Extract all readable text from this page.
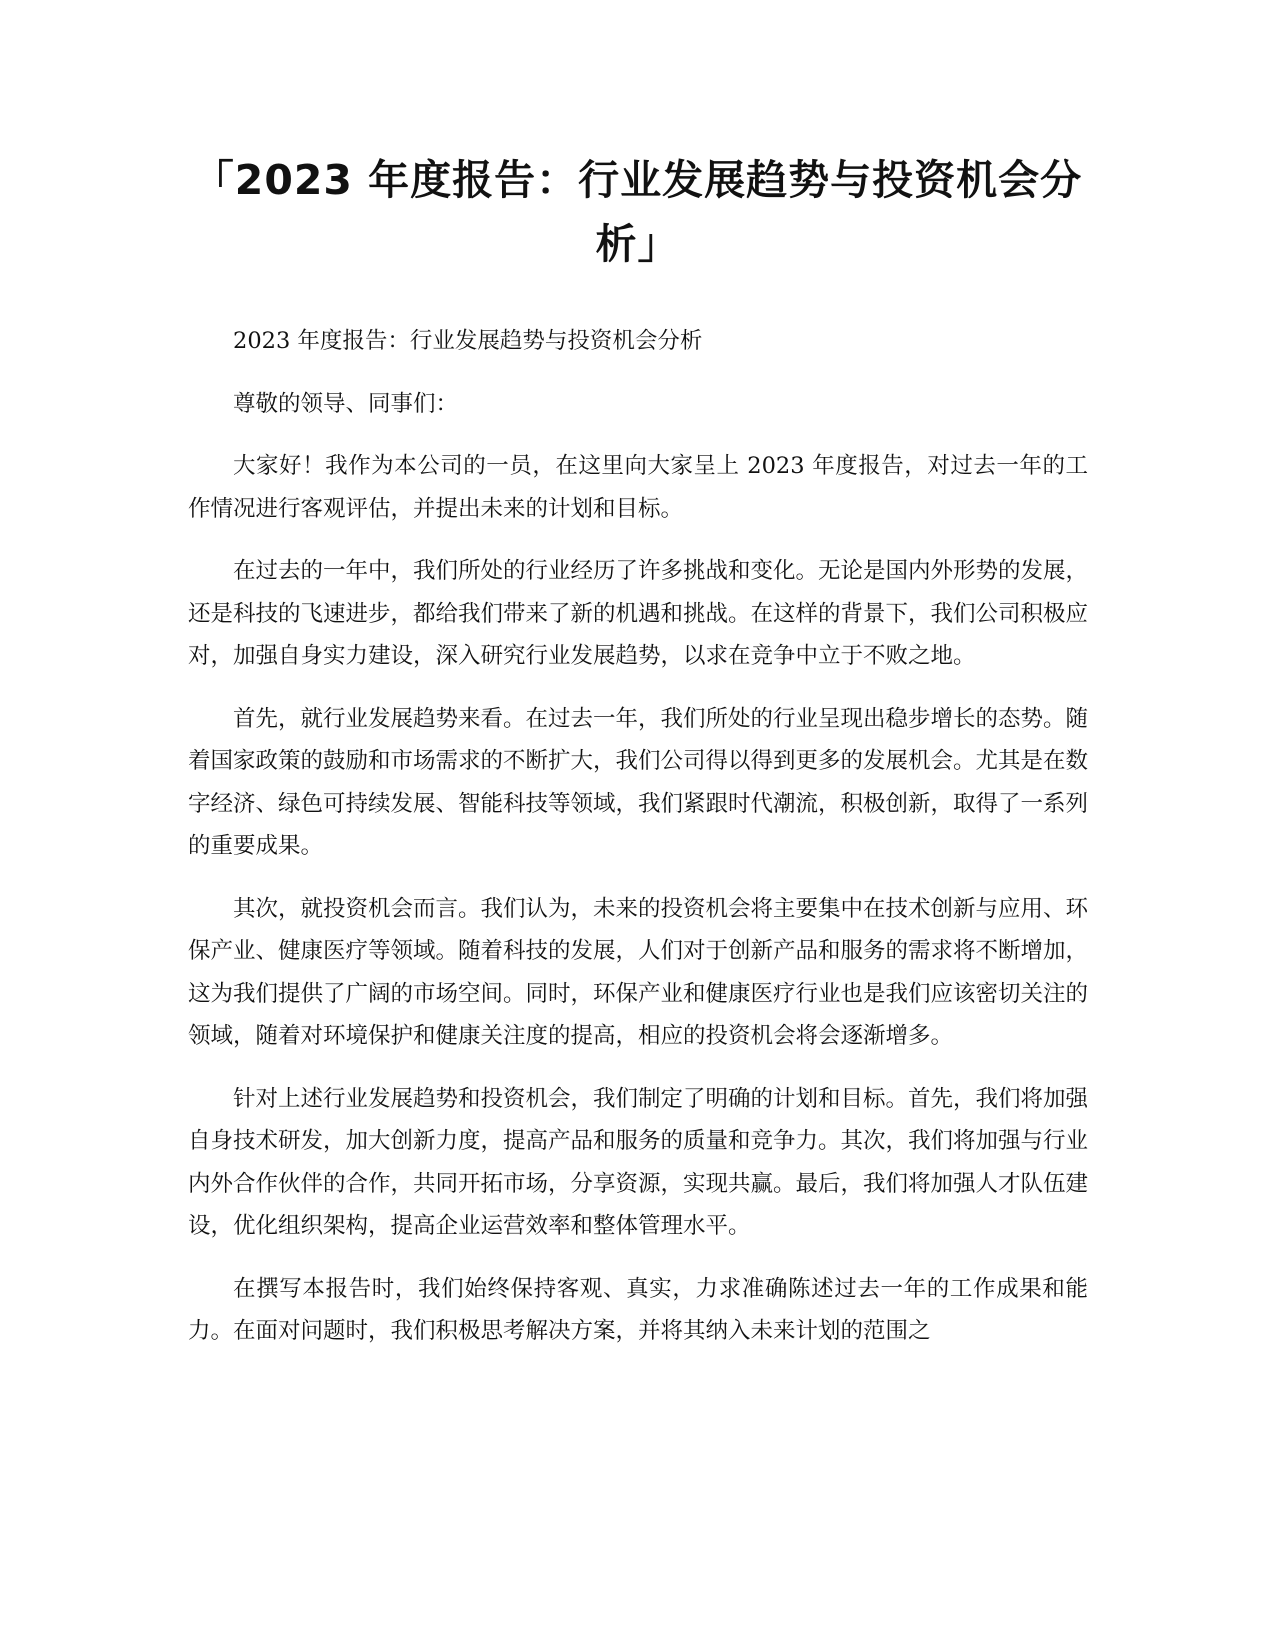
「2023 年度报告：行业发展趋势与投资机会分析」

2023 年度报告：行业发展趋势与投资机会分析

尊敬的领导、同事们：

大家好！我作为本公司的一员，在这里向大家呈上 2023 年度报告，对过去一年的工作情况进行客观评估，并提出未来的计划和目标。

在过去的一年中，我们所处的行业经历了许多挑战和变化。无论是国内外形势的发展，还是科技的飞速进步，都给我们带来了新的机遇和挑战。在这样的背景下，我们公司积极应对，加强自身实力建设，深入研究行业发展趋势，以求在竞争中立于不败之地。

首先，就行业发展趋势来看。在过去一年，我们所处的行业呈现出稳步增长的态势。随着国家政策的鼓励和市场需求的不断扩大，我们公司得以得到更多的发展机会。尤其是在数字经济、绿色可持续发展、智能科技等领域，我们紧跟时代潮流，积极创新，取得了一系列的重要成果。

其次，就投资机会而言。我们认为，未来的投资机会将主要集中在技术创新与应用、环保产业、健康医疗等领域。随着科技的发展，人们对于创新产品和服务的需求将不断增加，这为我们提供了广阔的市场空间。同时，环保产业和健康医疗行业也是我们应该密切关注的领域，随着对环境保护和健康关注度的提高，相应的投资机会将会逐渐增多。

针对上述行业发展趋势和投资机会，我们制定了明确的计划和目标。首先，我们将加强自身技术研发，加大创新力度，提高产品和服务的质量和竞争力。其次，我们将加强与行业内外合作伙伴的合作，共同开拓市场，分享资源，实现共赢。最后，我们将加强人才队伍建设，优化组织架构，提高企业运营效率和整体管理水平。

在撰写本报告时，我们始终保持客观、真实，力求准确陈述过去一年的工作成果和能力。在面对问题时，我们积极思考解决方案，并将其纳入未来计划的范围之
